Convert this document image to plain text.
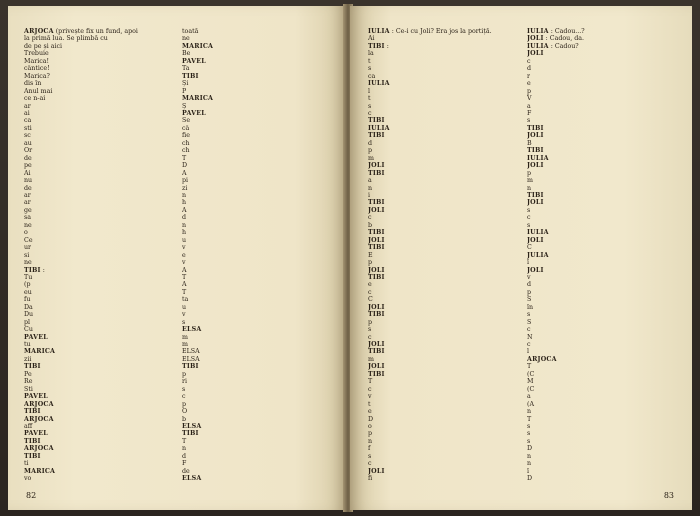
ARJOCA (privește fix un fund, apoi
la primă lua. Se plimbă cu
de pe și aici
Trebuie
Marica!
cântice!
Marica?
dis în
Anul mai
ce n-ai
ar
ai
ca
sti
sc
au
Or
de
pe
Ai
nu
de
ar
ar
ge
sa
ne
o
Ce
ur
si
ne
TIBI :
Tu
(p
eu
fu
Da
Du
pl
Cu
PAVEL
tu
MARICA
zii
TIBI
Pe
Re
Sti
PAVEL
ARJOCA
TIBI
ARJOCA
aff
PAVEL
TIBI
ARJOCA
TIBI
ti
MARICA
vo
toată
ne
MARICA
Be
PAVEL
Ta
TIBI
Și
P
MARICA
Ș
PAVEL
Se
câ
fie
ch
ch
T
D
A
pi
zi
n
h
A
d
n
h
u
v
e
v
A
T
A
T
ta
u
v
s
ELSA
m
m
ELSA
ELSA
TIBI
p
ri
s
c
p
O
b
ELSA
TIBI
T
n
d
F
de
ELSA
82
IULIA : Ce-i cu Joli? Era jos la portiță.
Ai
TIBI :
la
t
s
ca
IULIA
l
t
s
c
TIBI
IULIA
TIBI
d
p
m
JOLI
TIBI
a
n
i
TIBI
JOLI
c
b
TIBI
JOLI
TIBI
E
p
JOLI
TIBI
e
c
C
JOLI
TIBI
p
s
c
JOLI
TIBI
m
JOLI
TIBI
T
c
v
t
e
D
o
p
n
f
s
c
JOLI
fi
IULIA : Cadou...?
JOLI : Cadou, da.
IULIA : Cadou?
JOLI
c
d
r
e
p
V
a
F
s
TIBI
JOLI
B
TIBI
IULIA
JOLI
p
m
n
TIBI
JOLI
s
c
s
IULIA
JOLI
C
JULIA
î
JOLI
v
d
p
S
în
s
S
c
N
c
l
ARJOCA
T
(C
M
(C
a
(A
n
T
s
s
s
D
n
n
î
D
83
